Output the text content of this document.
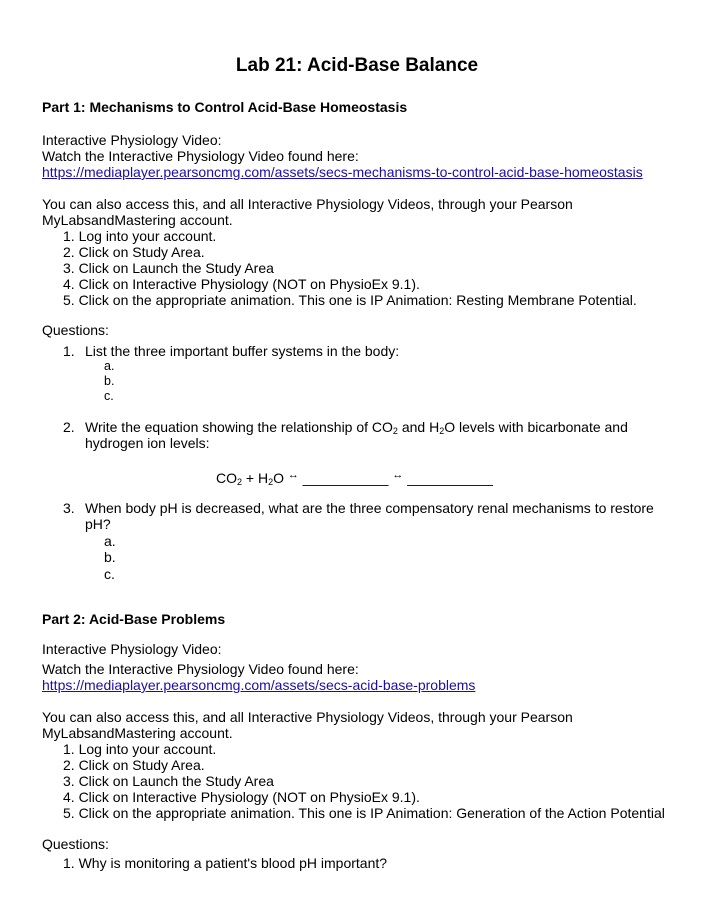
Lab 21: Acid-Base Balance
Part 1: Mechanisms to Control Acid-Base Homeostasis
Interactive Physiology Video:
Watch the Interactive Physiology Video found here:
https://mediaplayer.pearsoncmg.com/assets/secs-mechanisms-to-control-acid-base-homeostasis
You can also access this, and all Interactive Physiology Videos, through your Pearson
MyLabsandMastering account.
1. Log into your account.
2. Click on Study Area.
3. Click on Launch the Study Area
4. Click on Interactive Physiology (NOT on PhysioEx 9.1).
5. Click on the appropriate animation. This one is IP Animation: Resting Membrane Potential.
Questions:
1. List the three important buffer systems in the body:
a.
b.
c.
2. Write the equation showing the relationship of $CO_2$ and $H_2O$ levels with bicarbonate and
hydrogen ion levels:
$CO_2 + H_2O$ ↔ ___________ ↔ ___________
3. When body pH is decreased, what are the three compensatory renal mechanisms to restore
pH?
a.
b.
c.
Part 2: Acid-Base Problems
Interactive Physiology Video:
Watch the Interactive Physiology Video found here:
https://mediaplayer.pearsoncmg.com/assets/secs-acid-base-problems
You can also access this, and all Interactive Physiology Videos, through your Pearson
MyLabsandMastering account.
1. Log into your account.
2. Click on Study Area.
3. Click on Launch the Study Area
4. Click on Interactive Physiology (NOT on PhysioEx 9.1).
5. Click on the appropriate animation. This one is IP Animation: Generation of the Action Potential
Questions:
1. Why is monitoring a patient's blood pH important?
